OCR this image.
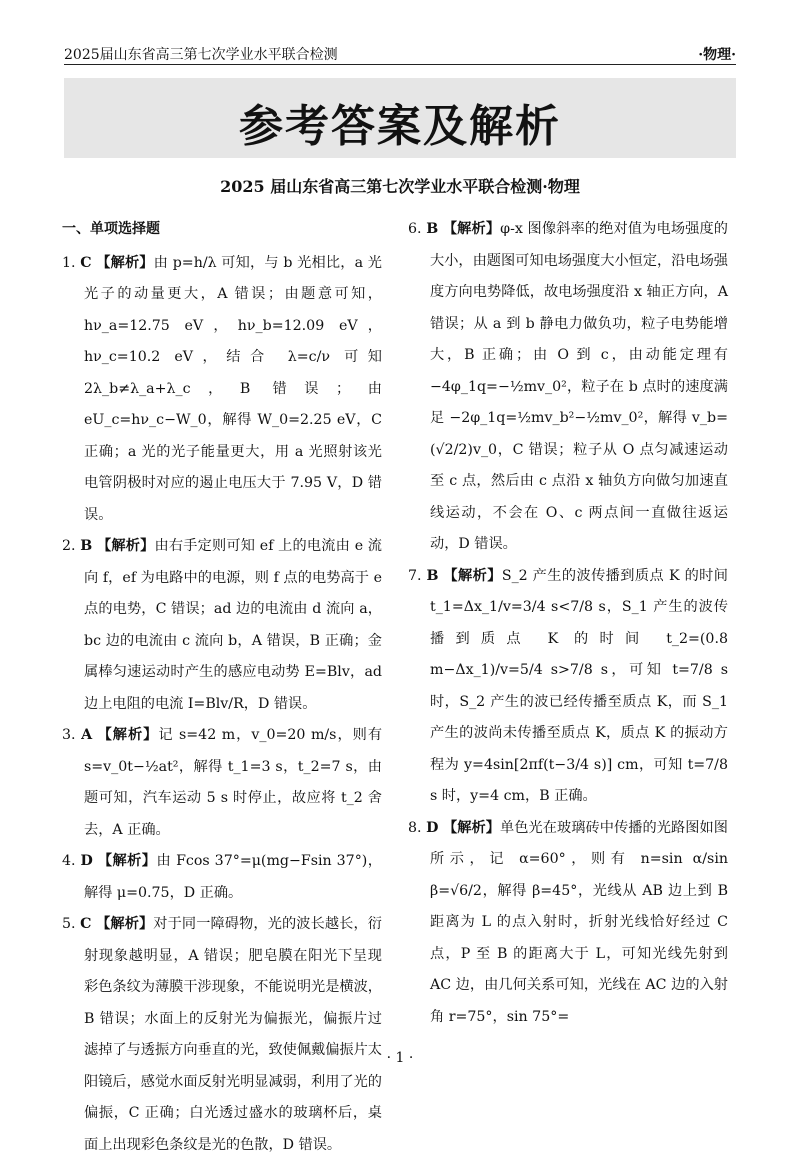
2025届山东省高三第七次学业水平联合检测	·物理·
参考答案及解析
2025 届山东省高三第七次学业水平联合检测·物理

一、单项选择题

1. C 【解析】由 p=h/λ 可知，与 b 光相比，a 光光子的动量更大，A 错误；由题意可知，hν_a=12.75 eV，hν_b=12.09 eV，hν_c=10.2 eV，结合 λ=c/ν 可知 2λ_b≠λ_a+λ_c，B 错误；由 eU_c=hν_c−W_0，解得 W_0=2.25 eV，C 正确；a 光的光子能量更大，用 a 光照射该光电管阴极时对应的遏止电压大于 7.95 V，D 错误。

2. B 【解析】由右手定则可知 ef 上的电流由 e 流向 f，ef 为电路中的电源，则 f 点的电势高于 e 点的电势，C 错误；ad 边的电流由 d 流向 a，bc 边的电流由 c 流向 b，A 错误，B 正确；金属棒匀速运动时产生的感应电动势 E=Blv，ad 边上电阻的电流 I=Blv/R，D 错误。

3. A 【解析】记 s=42 m，v_0=20 m/s，则有 s=v_0t−½at²，解得 t_1=3 s，t_2=7 s，由题可知，汽车运动 5 s 时停止，故应将 t_2 舍去，A 正确。

4. D 【解析】由 Fcos 37°=μ(mg−Fsin 37°)，解得 μ=0.75，D 正确。

5. C 【解析】对于同一障碍物，光的波长越长，衍射现象越明显，A 错误；肥皂膜在阳光下呈现彩色条纹为薄膜干涉现象，不能说明光是横波，B 错误；水面上的反射光为偏振光，偏振片过滤掉了与透振方向垂直的光，致使佩戴偏振片太阳镜后，感觉水面反射光明显减弱，利用了光的偏振，C 正确；白光透过盛水的玻璃杯后，桌面上出现彩色条纹是光的色散，D 错误。

6. B 【解析】φ-x 图像斜率的绝对值为电场强度的大小，由题图可知电场强度大小恒定，沿电场强度方向电势降低，故电场强度沿 x 轴正方向，A 错误；从 a 到 b 静电力做负功，粒子电势能增大，B 正确；由 O 到 c，由动能定理有 −4φ_1q=−½mv_0²，粒子在 b 点时的速度满足 −2φ_1q=½mv_b²−½mv_0²，解得 v_b=(√2/2)v_0，C 错误；粒子从 O 点匀减速运动至 c 点，然后由 c 点沿 x 轴负方向做匀加速直线运动，不会在 O、c 两点间一直做往返运动，D 错误。

7. B 【解析】S_2 产生的波传播到质点 K 的时间 t_1=Δx_1/v=3/4 s<7/8 s，S_1 产生的波传播到质点 K 的时间 t_2=(0.8 m−Δx_1)/v=5/4 s>7/8 s，可知 t=7/8 s 时，S_2 产生的波已经传播至质点 K，而 S_1 产生的波尚未传播至质点 K，质点 K 的振动方程为 y=4sin[2πf(t−3/4 s)] cm，可知 t=7/8 s 时，y=4 cm，B 正确。

8. D 【解析】单色光在玻璃砖中传播的光路图如图所示，记 α=60°，则有 n=sin α/sin β=√6/2，解得 β=45°，光线从 AB 边上到 B 距离为 L 的点入射时，折射光线恰好经过 C 点，P 至 B 的距离大于 L，可知光线先射到 AC 边，由几何关系可知，光线在 AC 边的入射角 r=75°，sin 75°=

· 1 ·
